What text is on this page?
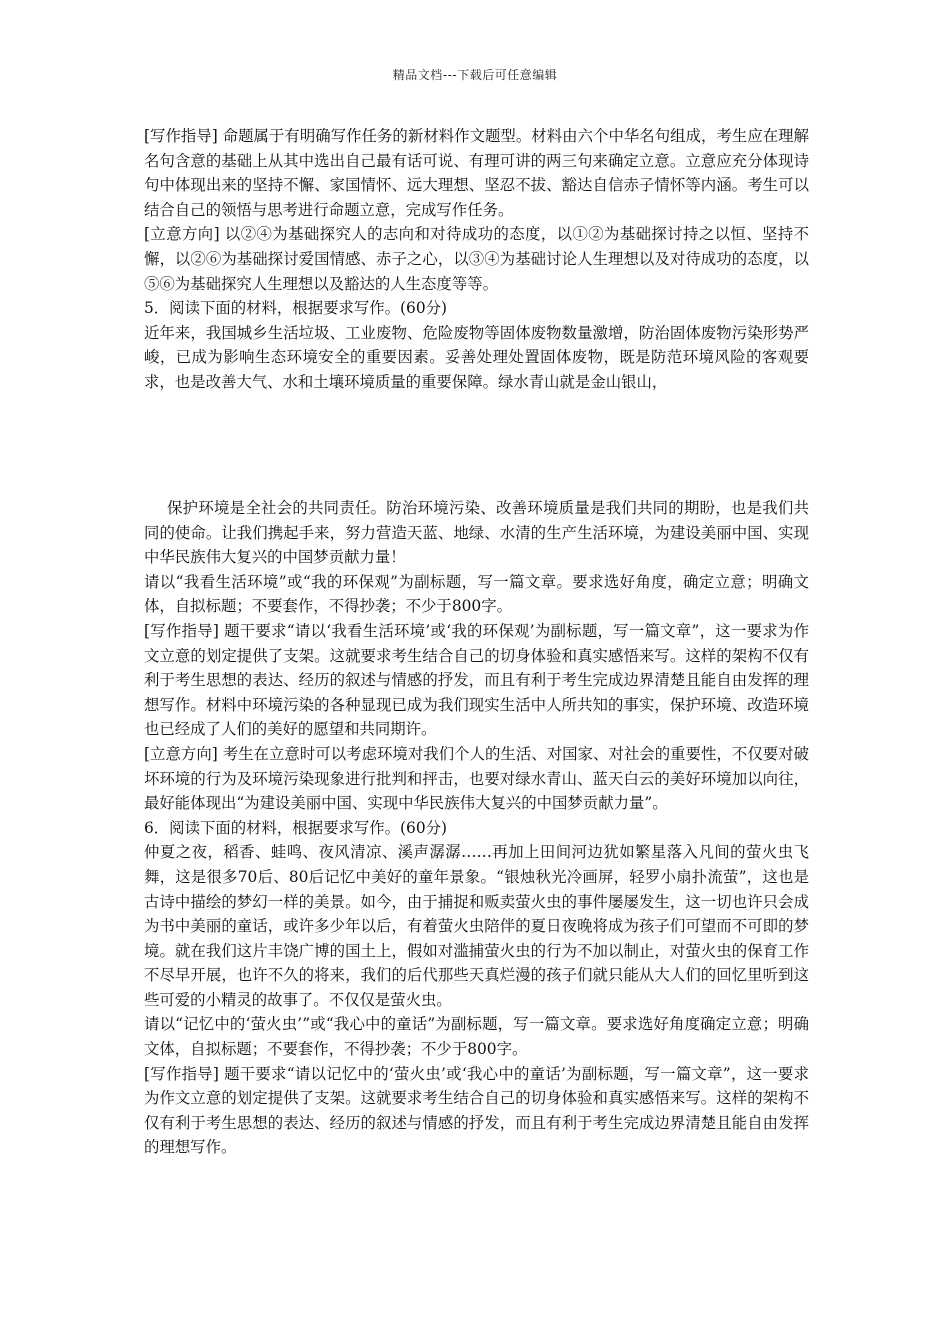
精品文档---下载后可任意编辑

[写作指导] 命题属于有明确写作任务的新材料作文题型。材料由六个中华名句组成，考生应在理解名句含意的基础上从其中选出自己最有话可说、有理可讲的两三句来确定立意。立意应充分体现诗句中体现出来的坚持不懈、家国情怀、远大理想、坚忍不拔、豁达自信赤子情怀等内涵。考生可以结合自己的领悟与思考进行命题立意，完成写作任务。

[立意方向] 以②④为基础探究人的志向和对待成功的态度，以①②为基础探讨持之以恒、坚持不懈，以②⑥为基础探讨爱国情感、赤子之心，以③④为基础讨论人生理想以及对待成功的态度，以⑤⑥为基础探究人生理想以及豁达的人生态度等等。

5．阅读下面的材料，根据要求写作。(60分)

近年来，我国城乡生活垃圾、工业废物、危险废物等固体废物数量激增，防治固体废物污染形势严峻，已成为影响生态环境安全的重要因素。妥善处理处置固体废物，既是防范环境风险的客观要求，也是改善大气、水和土壤环境质量的重要保障。绿水青山就是金山银山，

保护环境是全社会的共同责任。防治环境污染、改善环境质量是我们共同的期盼，也是我们共同的使命。让我们携起手来，努力营造天蓝、地绿、水清的生产生活环境，为建设美丽中国、实现中华民族伟大复兴的中国梦贡献力量！

请以“我看生活环境”或“我的环保观”为副标题，写一篇文章。要求选好角度，确定立意；明确文体，自拟标题；不要套作，不得抄袭；不少于800字。

[写作指导] 题干要求“请以‘我看生活环境’或‘我的环保观’为副标题，写一篇文章”，这一要求为作文立意的划定提供了支架。这就要求考生结合自己的切身体验和真实感悟来写。这样的架构不仅有利于考生思想的表达、经历的叙述与情感的抒发，而且有利于考生完成边界清楚且能自由发挥的理想写作。材料中环境污染的各种显现已成为我们现实生活中人所共知的事实，保护环境、改造环境也已经成了人们的美好的愿望和共同期许。

[立意方向] 考生在立意时可以考虑环境对我们个人的生活、对国家、对社会的重要性，不仅要对破坏环境的行为及环境污染现象进行批判和抨击，也要对绿水青山、蓝天白云的美好环境加以向往，最好能体现出“为建设美丽中国、实现中华民族伟大复兴的中国梦贡献力量”。

6．阅读下面的材料，根据要求写作。(60分)

仲夏之夜，稻香、蛙鸣、夜风清凉、溪声潺潺……再加上田间河边犹如繁星落入凡间的萤火虫飞舞，这是很多70后、80后记忆中美好的童年景象。“银烛秋光冷画屏，轻罗小扇扑流萤”，这也是古诗中描绘的梦幻一样的美景。如今，由于捕捉和贩卖萤火虫的事件屡屡发生，这一切也许只会成为书中美丽的童话，或许多少年以后，有着萤火虫陪伴的夏日夜晚将成为孩子们可望而不可即的梦境。就在我们这片丰饶广博的国土上，假如对滥捕萤火虫的行为不加以制止，对萤火虫的保育工作不尽早开展，也许不久的将来，我们的后代那些天真烂漫的孩子们就只能从大人们的回忆里听到这些可爱的小精灵的故事了。不仅仅是萤火虫。

请以“记忆中的‘萤火虫’”或“我心中的童话”为副标题，写一篇文章。要求选好角度确定立意；明确文体，自拟标题；不要套作，不得抄袭；不少于800字。

[写作指导] 题干要求“请以记忆中的‘萤火虫’或‘我心中的童话’为副标题，写一篇文章”，这一要求为作文立意的划定提供了支架。这就要求考生结合自己的切身体验和真实感悟来写。这样的架构不仅有利于考生思想的表达、经历的叙述与情感的抒发，而且有利于考生完成边界清楚且能自由发挥的理想写作。
